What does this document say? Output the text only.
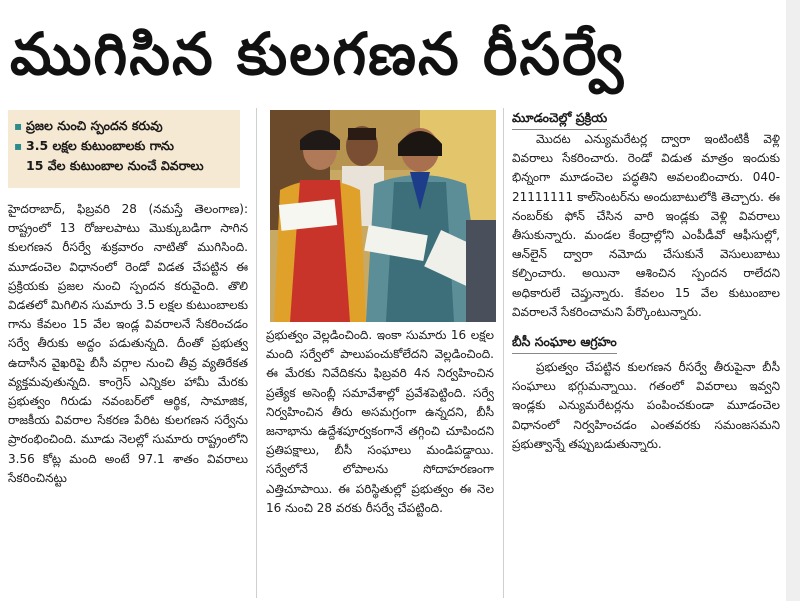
ముగిసిన కులగణన రీసర్వే
▪ ప్రజల నుంచి స్పందన కరువు
▪ 3.5 లక్షల కుటుంబాలకు గాను
15 వేల కుటుంబాల నుంచే వివరాలు

హైదరాబాద్, ఫిబ్రవరి 28 (నమస్తే తెలంగాణ): రాష్ట్రంలో 13 రోజులపాటు మొక్కుబడిగా సాగిన కులగణన రీసర్వే శుక్రవారం నాటితో ముగిసింది. మూడంచెల విధానంలో రెండో విడత చేపట్టిన ఈ ప్రక్రియకు ప్రజల నుంచి స్పందన కరువైంది. తొలి విడతలో మిగిలిన సుమారు 3.5 లక్షల కుటుంబాలకు గాను కేవలం 15 వేల ఇండ్ల వివరాలనే సేకరించడం సర్వే తీరుకు అద్దం పడుతున్నది. దీంతో ప్రభుత్వ ఉదాసీన వైఖరిపై బీసీ వర్గాల నుంచి తీవ్ర వ్యతిరేకత వ్యక్తమవుతున్నది. కాంగ్రెస్ ఎన్నికల హామీ మేరకు ప్రభుత్వం గిరుడు నవంబర్‌లో ఆర్థిక, సామాజిక, రాజకీయ వివరాల సేకరణ పేరిట కులగణన సర్వేను ప్రారంభించింది. మూడు నెలల్లో సుమారు రాష్ట్రంలోని 3.56 కోట్ల మంది అంటే 97.1 శాతం వివరాలు సేకరించినట్టు

ప్రభుత్వం వెల్లడించింది. ఇంకా సుమారు 16 లక్షల మంది సర్వేలో పాలుపంచుకోలేదని వెల్లడించింది. ఈ మేరకు నివేదికను ఫిబ్రవరి 4న నిర్వహించిన ప్రత్యేక అసెంబ్లీ సమావేశాల్లో ప్రవేశపెట్టింది. సర్వే నిర్వహించిన తీరు అసమగ్రంగా ఉన్నదని, బీసీ జనాభాను ఉద్దేశపూర్వకంగానే తగ్గించి చూపిందని ప్రతిపక్షాలు, బీసీ సంఘాలు మండిపడ్డాయి. సర్వేలోనే లోపాలను సోదాహరణంగా ఎత్తిచూపాయి. ఈ పరిస్థితుల్లో ప్రభుత్వం ఈ నెల 16 నుంచి 28 వరకు రీసర్వే చేపట్టింది.

మూడంచెల్లో ప్రక్రియ

మొదట ఎన్యుమరేటర్ల ద్వారా ఇంటింటికీ వెళ్లి వివరాలు సేకరించారు. రెండో విడుత మాత్రం ఇందుకు భిన్నంగా మూడంచెల పద్ధతిని అవలంబించారు. 040-21111111 కాల్‌సెంటర్‌ను అందుబాటులోకి తెచ్చారు. ఈ నంబర్‌కు ఫోన్ చేసిన వారి ఇండ్లకు వెళ్లి వివరాలు తీసుకున్నారు. మండల కేంద్రాల్లోని ఎంపీడీవో ఆఫీసుల్లో, ఆన్‌లైన్ ద్వారా నమోదు చేసుకునే వెసులుబాటు కల్పించారు. అయినా ఆశించిన స్పందన రాలేదని అధికారులే చెప్తున్నారు. కేవలం 15 వేల కుటుంబాల వివరాలనే సేకరించామని పేర్కొంటున్నారు.

బీసీ సంఘాల ఆగ్రహం

ప్రభుత్వం చేపట్టిన కులగణన రీసర్వే తీరుపైనా బీసీ సంఘాలు భగ్గుమన్నాయి. గతంలో వివరాలు ఇవ్వని ఇండ్లకు ఎన్యుమరేటర్లను పంపించకుండా మూడంచెల విధానంలో నిర్వహించడం ఎంతవరకు సమంజసమని ప్రభుత్వాన్నే తప్పుబడుతున్నారు.
